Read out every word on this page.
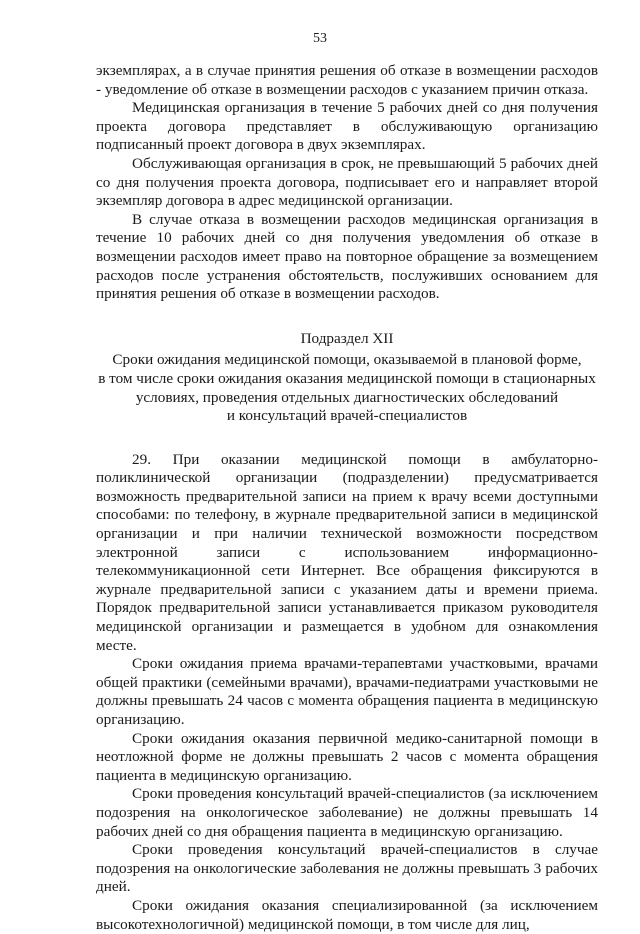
53

экземплярах, а в случае принятия решения об отказе в возмещении расходов - уведомление об отказе в возмещении расходов с указанием причин отказа.

Медицинская организация в течение 5 рабочих дней со дня получения проекта договора представляет в обслуживающую организацию подписанный проект договора в двух экземплярах.

Обслуживающая организация в срок, не превышающий 5 рабочих дней со дня получения проекта договора, подписывает его и направляет второй экземпляр договора в адрес медицинской организации.

В случае отказа в возмещении расходов медицинская организация в течение 10 рабочих дней со дня получения уведомления об отказе в возмещении расходов имеет право на повторное обращение за возмещением расходов после устранения обстоятельств, послуживших основанием для принятия решения об отказе в возмещении расходов.

Подраздел XII
Сроки ожидания медицинской помощи, оказываемой в плановой форме,
в том числе сроки ожидания оказания медицинской помощи в стационарных
условиях, проведения отдельных диагностических обследований
и консультаций врачей-специалистов

29. При оказании медицинской помощи в амбулаторно-поликлинической организации (подразделении) предусматривается возможность предварительной записи на прием к врачу всеми доступными способами: по телефону, в журнале предварительной записи в медицинской организации и при наличии технической возможности посредством электронной записи с использованием информационно-телекоммуникационной сети Интернет. Все обращения фиксируются в журнале предварительной записи с указанием даты и времени приема. Порядок предварительной записи устанавливается приказом руководителя медицинской организации и размещается в удобном для ознакомления месте.

Сроки ожидания приема врачами-терапевтами участковыми, врачами общей практики (семейными врачами), врачами-педиатрами участковыми не должны превышать 24 часов с момента обращения пациента в медицинскую организацию.

Сроки ожидания оказания первичной медико-санитарной помощи в неотложной форме не должны превышать 2 часов с момента обращения пациента в медицинскую организацию.

Сроки проведения консультаций врачей-специалистов (за исключением подозрения на онкологическое заболевание) не должны превышать 14 рабочих дней со дня обращения пациента в медицинскую организацию.

Сроки проведения консультаций врачей-специалистов в случае подозрения на онкологические заболевания не должны превышать 3 рабочих дней.

Сроки ожидания оказания специализированной (за исключением высокотехнологичной) медицинской помощи, в том числе для лиц,
